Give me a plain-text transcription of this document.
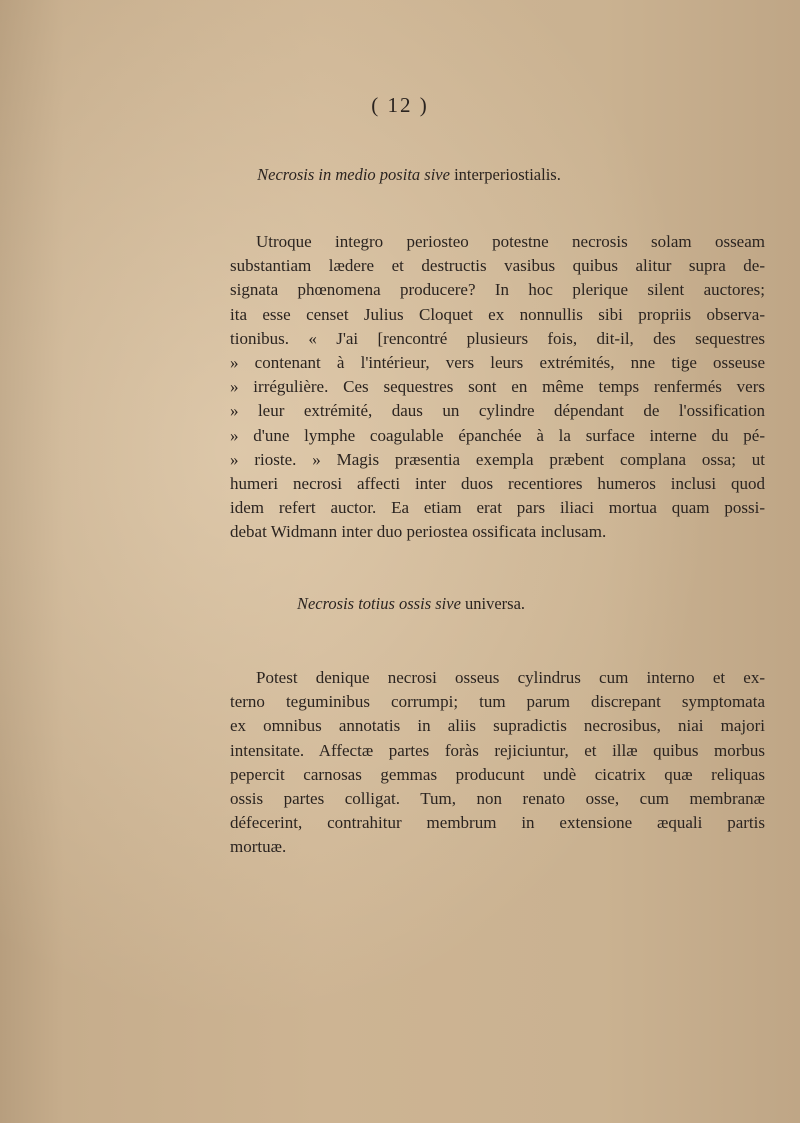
( 12 )
Necrosis in medio posita sive interperiostialis.
Utroque integro periosteo potestne necrosis solam osseam
substantiam lædere et destructis vasibus quibus alitur supra de-
signata phœnomena producere? In hoc plerique silent auctores;
ita esse censet Julius Cloquet ex nonnullis sibi propriis observa-
tionibus. « J'ai [rencontré plusieurs fois, dit-il, des sequestres
» contenant à l'intérieur, vers leurs extrémités, nne tige osseuse
» irrégulière. Ces sequestres sont en même temps renfermés vers
» leur extrémité, daus un cylindre dépendant de l'ossification
» d'une lymphe coagulable épanchée à la surface interne du pé-
» rioste. » Magis præsentia exempla præbent complana ossa; ut
humeri necrosi affecti inter duos recentiores humeros inclusi quod
idem refert auctor. Ea etiam erat pars iliaci mortua quam possi-
debat Widmann inter duo periostea ossificata inclusam.
Necrosis totius ossis sive universa.
Potest denique necrosi osseus cylindrus cum interno et ex-
terno teguminibus corrumpi; tum parum discrepant symptomata
ex omnibus annotatis in aliis supradictis necrosibus, niai majori
intensitate. Affectæ partes foràs rejiciuntur, et illæ quibus morbus
pepercit carnosas gemmas producunt undè cicatrix quæ reliquas
ossis partes colligat. Tum, non renato osse, cum membranæ
défecerint, contrahitur membrum in extensione æquali partis
mortuæ.
